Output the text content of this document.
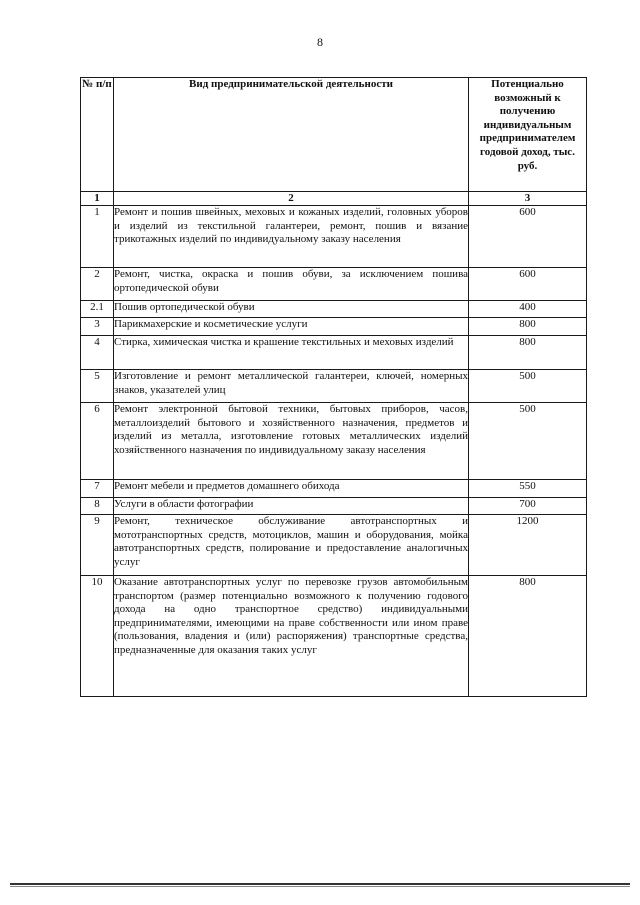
8
№ п/п	Вид предпринимательской деятельности	Потенциально возможный к получению индивидуальным предпринимателем годовой доход, тыс. руб.
1	2	3
1	Ремонт и пошив швейных, меховых и кожаных изделий, головных уборов и изделий из текстильной галантереи, ремонт, пошив и вязание трикотажных изделий по индивидуальному заказу населения	600
2	Ремонт, чистка, окраска и пошив обуви, за исключением пошива ортопедической обуви	600
2.1	Пошив ортопедической обуви	400
3	Парикмахерские и косметические услуги	800
4	Стирка, химическая чистка и крашение текстильных и меховых изделий	800
5	Изготовление и ремонт металлической галантереи, ключей, номерных знаков, указателей улиц	500
6	Ремонт электронной бытовой техники, бытовых приборов, часов, металлоизделий бытового и хозяйственного назначения, предметов и изделий из металла, изготовление готовых металлических изделий хозяйственного назначения по индивидуальному заказу населения	500
7	Ремонт мебели и предметов домашнего обихода	550
8	Услуги в области фотографии	700
9	Ремонт, техническое обслуживание автотранспортных и мототранспортных средств, мотоциклов, машин и оборудования, мойка автотранспортных средств, полирование и предоставление аналогичных услуг	1200
10	Оказание автотранспортных услуг по перевозке грузов автомобильным транспортом (размер потенциально возможного к получению годового дохода на одно транспортное средство) индивидуальными предпринимателями, имеющими на праве собственности или ином праве (пользования, владения и (или) распоряжения) транспортные средства, предназначенные для оказания таких услуг	800
